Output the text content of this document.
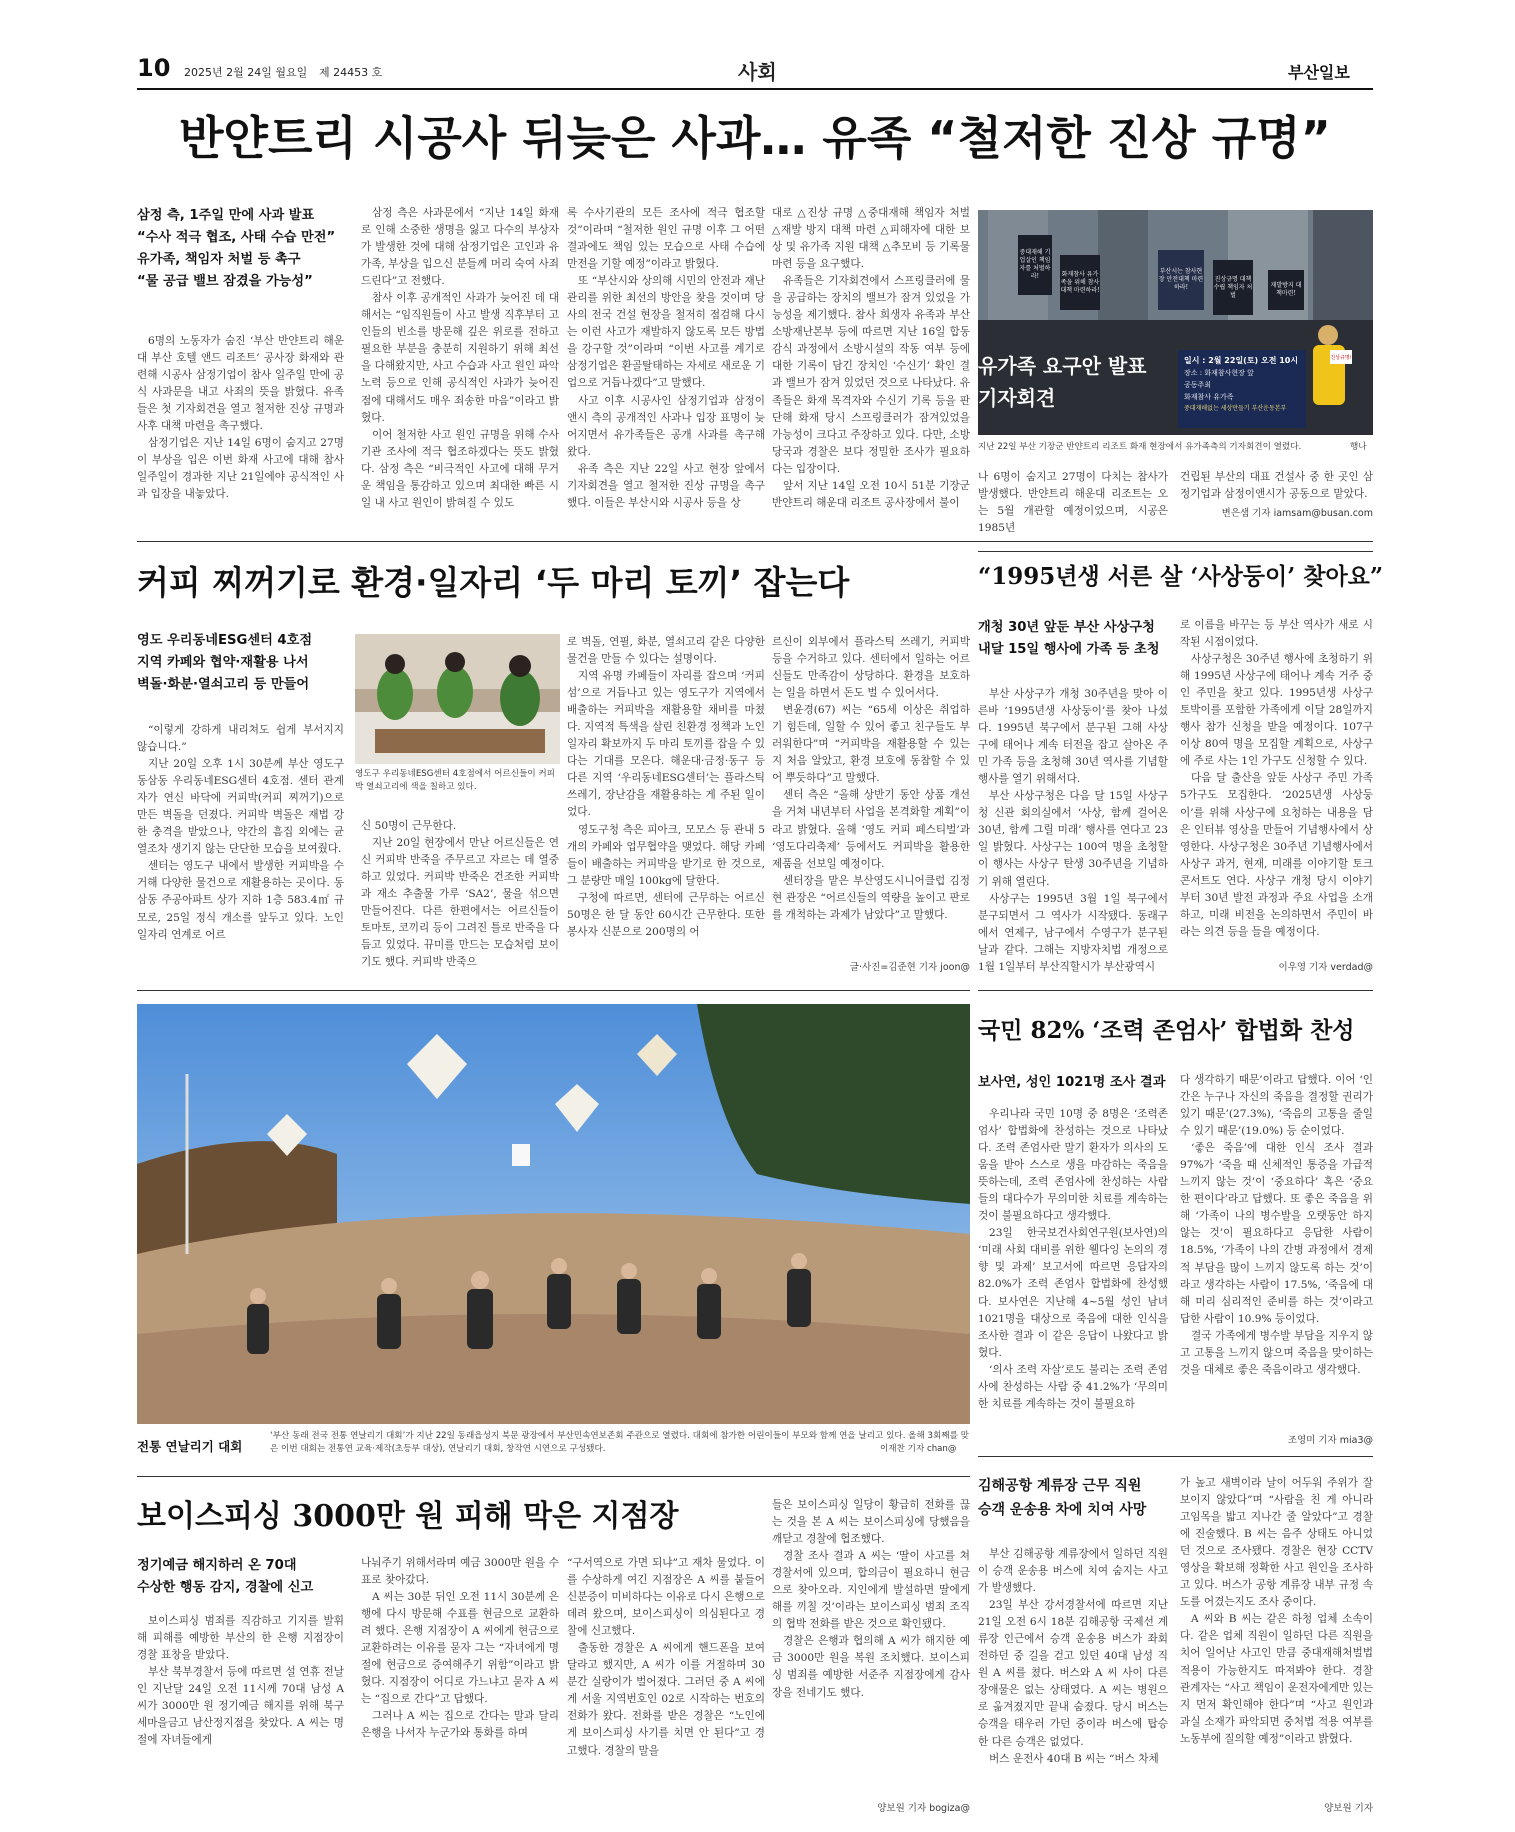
10 2025년 2월 24일 월요일 제 24453 호	사회	부산일보
반얀트리 시공사 뒤늦은 사과… 유족 “철저한 진상 규명”
삼정 측, 1주일 만에 사과 발표
“수사 적극 협조, 사태 수습 만전”
유가족, 책임자 처벌 등 촉구
“물 공급 밸브 잠겼을 가능성”

6명의 노동자가 숨진 ‘부산 반얀트리 해운대 부산 호텔 앤드 리조트’ 공사장 화재와 관련해 시공사 삼정기업이 참사 일주일 만에 공식 사과문을 내고 사죄의 뜻을 밝혔다. 유족들은 첫 기자회견을 열고 철저한 진상 규명과 사후 대책 마련을 촉구했다.

삼정기업은 지난 14일 6명이 숨지고 27명이 부상을 입은 이번 화재 사고에 대해 참사 일주일이 경과한 지난 21일에야 공식적인 사과 입장을 내놓았다.

삼정 측은 사과문에서 “지난 14일 화재로 인해 소중한 생명을 잃고 다수의 부상자가 발생한 것에 대해 삼정기업은 고인과 유가족, 부상을 입으신 분들께 머리 숙여 사죄드린다”고 전했다.

참사 이후 공개적인 사과가 늦어진 데 대해서는 “임직원들이 사고 발생 직후부터 고인들의 빈소를 방문해 깊은 위로를 전하고 필요한 부분을 충분히 지원하기 위해 최선을 다해왔지만, 사고 수습과 사고 원인 파악 노력 등으로 인해 공식적인 사과가 늦어진 점에 대해서도 매우 죄송한 마음”이라고 밝혔다.

이어 철저한 사고 원인 규명을 위해 수사 기관 조사에 적극 협조하겠다는 뜻도 밝혔다. 삼정 측은 “비극적인 사고에 대해 무거운 책임을 통감하고 있으며 최대한 빠른 시일 내 사고 원인이 밝혀질 수 있도

록 수사기관의 모든 조사에 적극 협조할 것”이라며 “철저한 원인 규명 이후 그 어떤 결과에도 책임 있는 모습으로 사태 수습에 만전을 기할 예정”이라고 밝혔다.

또 “부산시와 상의해 시민의 안전과 재난관리를 위한 최선의 방안을 찾을 것이며 당사의 전국 건설 현장을 철저히 점검해 다시는 이런 사고가 재발하지 않도록 모든 방법을 강구할 것”이라며 “이번 사고를 계기로 삼정기업은 환골탈태하는 자세로 새로운 기업으로 거듭나겠다”고 말했다.

사고 이후 시공사인 삼정기업과 삼정이앤시 측의 공개적인 사과나 입장 표명이 늦어지면서 유가족들은 공개 사과를 촉구해 왔다.

유족 측은 지난 22일 사고 현장 앞에서 기자회견을 열고 철저한 진상 규명을 촉구했다. 이들은 부산시와 시공사 등을 상

대로 △진상 규명 △중대재해 책임자 처벌 △재발 방지 대책 마련 △피해자에 대한 보상 및 유가족 지원 대책 △추모비 등 기록물 마련 등을 요구했다.

유족들은 기자회견에서 스프링클러에 물을 공급하는 장치의 밸브가 잠겨 있었을 가능성을 제기했다. 참사 희생자 유족과 부산소방재난본부 등에 따르면 지난 16일 합동 감식 과정에서 소방시설의 작동 여부 등에 대한 기록이 담긴 장치인 ‘수신기’ 확인 결과 밸브가 잠겨 있었던 것으로 나타났다. 유족들은 화재 목격자와 수신기 기록 등을 판단해 화재 당시 스프링클러가 잠겨있었을 가능성이 크다고 주장하고 있다. 다만, 소방 당국과 경찰은 보다 정밀한 조사가 필요하다는 입장이다.

앞서 지난 14일 오전 10시 51분 기장군 반얀트리 해운대 리조트 공사장에서 불이

중대재해 기업살인 책임자를 처벌하라!	화재참사 유가족을 위해 참사 대책 마련하라!
부산시는 참사현장 안전대책 마련하라!
진상규명 대책수립 책임자 처벌
재발방지 대책마련!
진상규명!
유가족 요구안 발표
기자회견
일시 : 2월 22일(토) 오전 10시
장소 : 화재참사현장 앞
공동주최
화재참사 유가족
중대재해없는 세상만들기 부산운동본부
지난 22일 부산 기장군 반얀트리 리조트 화재 현장에서 유가족측의 기자회견이 열렸다.	행나
나 6명이 숨지고 27명이 다치는 참사가 발생했다. 반얀트리 해운대 리조트는 오는 5월 개관할 예정이었으며, 시공은 1985년
건립된 부산의 대표 건설사 중 한 곳인 삼정기업과 삼정이앤시가 공동으로 맡았다.
변은샘 기자 iamsam@busan.com
커피 찌꺼기로 환경·일자리 ‘두 마리 토끼’ 잡는다
영도 우리동네ESG센터 4호점
지역 카페와 협약·재활용 나서
벽돌·화분·열쇠고리 등 만들어

“이렇게 강하게 내리쳐도 쉽게 부서지지 않습니다.”

지난 20일 오후 1시 30분께 부산 영도구 동삼동 우리동네ESG센터 4호점. 센터 관계자가 연신 바닥에 커피박(커피 찌꺼기)으로 만든 벽돌을 던졌다. 커피박 벽돌은 재법 강한 충격을 받았으나, 약간의 흠집 외에는 균열조차 생기지 않는 단단한 모습을 보여줬다.

센터는 영도구 내에서 발생한 커피박을 수거해 다양한 물건으로 재활용하는 곳이다. 동삼동 주공아파트 상가 지하 1층 583.4㎡ 규모로, 25일 정식 개소를 앞두고 있다. 노인 일자리 연계로 어르

영도구 우리동네ESG센터 4호점에서 어르신들이 커피박 열쇠고리에 색을 칠하고 있다.

신 50명이 근무한다.

지난 20일 현장에서 만난 어르신들은 연신 커피박 반죽을 주무르고 자르는 데 열중하고 있었다. 커피박 반죽은 건조한 커피박과 재소 추출물 가루 ‘SA2’, 물을 섞으면 만들어진다. 다른 한편에서는 어르신들이 토마토, 코끼리 등이 그려진 틀로 반죽을 다듬고 있었다. 뀨미를 만드는 모습처럼 보이기도 했다. 커피박 반죽으

로 벽돌, 연필, 화분, 열쇠고리 같은 다양한 물건을 만들 수 있다는 설명이다.

지역 유명 카페들이 자리를 잡으며 ‘커피섬’으로 거듭나고 있는 영도구가 지역에서 배출하는 커피박을 재활용할 채비를 마쳤다. 지역적 특색을 살린 친환경 정책과 노인 일자리 확보까지 두 마리 토끼를 잡을 수 있다는 기대를 모은다. 해운대·금정·동구 등 다른 지역 ‘우리동네ESG센터’는 플라스틱 쓰레기, 장난감을 재활용하는 게 주된 일이었다.

영도구청 측은 피아크, 모모스 등 관내 5개의 카페와 업무협약을 맺었다. 해당 카페들이 배출하는 커피박을 받기로 한 것으로, 그 분량만 매일 100kg에 달한다.

구청에 따르면, 센터에 근무하는 어르신 50명은 한 달 동안 60시간 근무한다. 또한 봉사자 신분으로 200명의 어

르신이 외부에서 플라스틱 쓰레기, 커피박 등을 수거하고 있다. 센터에서 일하는 어르신들도 만족감이 상당하다. 환경을 보호하는 일을 하면서 돈도 벌 수 있어서다.

변윤경(67) 씨는 “65세 이상은 취업하기 힘든데, 일할 수 있어 좋고 친구들도 부러워한다”며 “커피박을 재활용할 수 있는지 처음 알았고, 환경 보호에 동참할 수 있어 뿌듯하다”고 말했다.

센터 측은 “올해 상반기 동안 상품 개선을 거쳐 내년부터 사업을 본격화할 계획”이라고 밝혔다. 올해 ‘영도 커피 페스티벌’과 ‘영도다리축제’ 등에서도 커피박을 활용한 제품을 선보일 예정이다.

센터장을 맡은 부산영도시니어클럽 김정현 관장은 “어르신들의 역량을 높이고 판로를 개척하는 과제가 남았다”고 말했다.

글·사진=김준현 기자 joon@
“1995년생 서른 살 ‘사상둥이’ 찾아요”
개청 30년 앞둔 부산 사상구청
내달 15일 행사에 가족 등 초청

부산 사상구가 개청 30주년을 맞아 이른바 ‘1995년생 사상둥이’를 찾아 나섰다. 1995년 북구에서 분구된 그해 사상구에 태어나 계속 터전을 잡고 살아온 주민 가족 등을 초청해 30년 역사를 기념할 행사를 열기 위해서다.

부산 사상구청은 다음 달 15일 사상구청 신관 회의실에서 ‘사상, 함께 걸어온 30년, 함께 그릴 미래’ 행사를 연다고 23일 밝혔다. 사상구는 100여 명을 초청할 이 행사는 사상구 탄생 30주년을 기념하기 위해 열린다.

사상구는 1995년 3월 1일 북구에서 분구되면서 그 역사가 시작됐다. 동래구에서 연제구, 남구에서 수영구가 분구된 날과 같다. 그해는 지방자치법 개정으로 1월 1일부터 부산직할시가 부산광역시

로 이름을 바꾸는 등 부산 역사가 새로 시작된 시점이었다.

사상구청은 30주년 행사에 초청하기 위해 1995년 사상구에 태어나 계속 거주 중인 주민을 찾고 있다. 1995년생 사상구 토박이를 포함한 가족에게 이달 28일까지 행사 참가 신청을 받을 예정이다. 107구 이상 80여 명을 모집할 계획으로, 사상구에 주로 사는 1인 가구도 신청할 수 있다.

다음 달 출산을 앞둔 사상구 주민 가족 5가구도 모집한다. ‘2025년생 사상둥이’를 위해 사상구에 요청하는 내용을 담은 인터뷰 영상을 만들어 기념행사에서 상영한다. 사상구청은 30주년 기념행사에서 사상구 과거, 현재, 미래를 이야기할 토크 콘서트도 연다. 사상구 개청 당시 이야기부터 30년 발전 과정과 주요 사업을 소개하고, 미래 비전을 논의하면서 주민이 바라는 의견 등을 들을 예정이다.

이우영 기자 verdad@
전통 연날리기 대회
‘부산 동래 전국 전통 연날리기 대회’가 지난 22일 동래읍성지 북문 광장에서 부산민속연보존회 주관으로 열렸다. 대회에 참가한 어린이들이 부모와 함께 연을 날리고 있다. 올해 3회째를 맞은 이번 대회는 전통연 교육·제작(초등부 대상), 연날리기 대회, 창작연 시연으로 구성됐다.	이재찬 기자 chan@
국민 82% ‘조력 존엄사’ 합법화 찬성
보사연, 성인 1021명 조사 결과

우리나라 국민 10명 중 8명은 ‘조력존엄사’ 합법화에 찬성하는 것으로 나타났다. 조력 존엄사란 말기 환자가 의사의 도움을 받아 스스로 생을 마감하는 죽음을 뜻하는데, 조력 존엄사에 찬성하는 사람들의 대다수가 무의미한 치료를 계속하는 것이 불필요하다고 생각했다.

23일 한국보건사회연구원(보사연)의 ‘미래 사회 대비를 위한 웰다잉 논의의 경향 및 과제’ 보고서에 따르면 응답자의 82.0%가 조력 존엄사 합법화에 찬성했다. 보사연은 지난해 4~5월 성인 남녀 1021명을 대상으로 죽음에 대한 인식을 조사한 결과 이 같은 응답이 나왔다고 밝혔다.

‘의사 조력 자살’로도 불리는 조력 존엄사에 찬성하는 사람 중 41.2%가 ‘무의미한 치료를 계속하는 것이 불필요하

다 생각하기 때문’이라고 답했다. 이어 ‘인간은 누구나 자신의 죽음을 결정할 권리가 있기 때문’(27.3%), ‘죽음의 고통을 줄일 수 있기 때문’(19.0%) 등 순이었다.

‘좋은 죽음’에 대한 인식 조사 결과 97%가 ‘죽을 때 신체적인 통증을 가급적 느끼지 않는 것’이 ‘중요하다’ 혹은 ‘중요한 편이다’라고 답했다. 또 좋은 죽음을 위해 ‘가족이 나의 병수발을 오랫동안 하지 않는 것’이 필요하다고 응답한 사람이 18.5%, ‘가족이 나의 간병 과정에서 경제적 부담을 많이 느끼지 않도록 하는 것’이라고 생각하는 사람이 17.5%, ‘죽음에 대해 미리 심리적인 준비를 하는 것’이라고 답한 사람이 10.9% 등이었다.

결국 가족에게 병수발 부담을 지우지 않고 고통을 느끼지 않으며 죽음을 맞이하는 것을 대체로 좋은 죽음이라고 생각했다.

조영미 기자 mia3@
보이스피싱 3000만 원 피해 막은 지점장
정기예금 해지하러 온 70대
수상한 행동 감지, 경찰에 신고

보이스피싱 범죄를 직감하고 기지를 발휘해 피해를 예방한 부산의 한 은행 지점장이 경찰 표창을 받았다.

부산 북부경찰서 등에 따르면 설 연휴 전날인 지난달 24일 오전 11시께 70대 남성 A 씨가 3000만 원 정기예금 해지를 위해 북구 세마을금고 남산정지점을 찾았다. A 씨는 명절에 자녀들에게

나눠주기 위해서라며 예금 3000만 원을 수표로 찾아갔다.

A 씨는 30분 뒤인 오전 11시 30분께 은행에 다시 방문해 수표를 현금으로 교환하려 했다. 은행 지점장이 A 씨에게 현금으로 교환하려는 이유를 묻자 그는 “자녀에게 명절에 현금으로 증여해주기 위함”이라고 밝혔다. 지점장이 어디로 가느냐고 묻자 A 씨는 “집으로 간다”고 답했다.

그러나 A 씨는 집으로 간다는 말과 달리 은행을 나서자 누군가와 통화를 하며

“구서역으로 가면 되냐”고 재차 물었다. 이를 수상하게 여긴 지점장은 A 씨를 붙들어 신분증이 미비하다는 이유로 다시 은행으로 데려 왔으며, 보이스피싱이 의심된다고 경찰에 신고했다.

출동한 경찰은 A 씨에게 핸드폰을 보여 달라고 했지만, A 씨가 이를 거절하며 30분간 실랑이가 벌어졌다. 그러던 중 A 씨에게 서울 지역번호인 02로 시작하는 번호의 전화가 왔다. 전화를 받은 경찰은 “노인에게 보이스피싱 사기를 치면 안 된다”고 경고했다. 경찰의 말을

들은 보이스피싱 일당이 황급히 전화를 끊는 것을 본 A 씨는 보이스피싱에 당했음을 깨닫고 경찰에 협조했다.

경찰 조사 결과 A 씨는 ‘딸이 사고를 쳐 경찰서에 있으며, 합의금이 필요하니 현금으로 찾아오라. 지인에게 발설하면 딸에게 해를 끼칠 것’이라는 보이스피싱 범죄 조직의 협박 전화를 받은 것으로 확인됐다.

경찰은 은행과 협의해 A 씨가 해지한 예금 3000만 원을 복원 조치했다. 보이스피싱 범죄를 예방한 서준주 지점장에게 감사장을 전네기도 했다.

양보원 기자 bogiza@
김해공항 계류장 근무 직원
승객 운송용 차에 치여 사망

부산 김해공항 계류장에서 일하던 직원이 승객 운송용 버스에 치여 숨지는 사고가 발생했다.

23일 부산 강서경찰서에 따르면 지난 21일 오전 6시 18분 김해공항 국제선 계류장 인근에서 승객 운송용 버스가 좌회전하던 중 길을 걷고 있던 40대 남성 직원 A 씨를 쳤다. 버스와 A 씨 사이 다른 장애물은 없는 상태였다. A 씨는 병원으로 옮겨졌지만 끝내 숨졌다. 당시 버스는 승객을 태우러 가던 중이라 버스에 탑승한 다른 승객은 없었다.

버스 운전사 40대 B 씨는 “버스 차체

가 높고 새벽이라 날이 어두워 주위가 잘 보이지 않았다”며 “사람을 친 게 아니라 고임목을 밟고 지나간 줄 알았다”고 경찰에 진술했다. B 씨는 음주 상태도 아니었던 것으로 조사됐다. 경찰은 현장 CCTV 영상을 확보해 정확한 사고 원인을 조사하고 있다. 버스가 공항 계류장 내부 규정 속도를 어겼는지도 조사 중이다.

A 씨와 B 씨는 같은 하청 업체 소속이다. 같은 업체 직원이 일하던 다른 직원을 치어 일어난 사고인 만큼 중대재해처벌법 적용이 가능한지도 따져봐야 한다. 경찰 관계자는 “사고 책임이 운전자에게만 있는지 먼저 확인해야 한다”며 “사고 원인과 과실 소재가 파악되면 중처법 적용 여부를 노동부에 질의할 예정”이라고 밝혔다.

양보원 기자
